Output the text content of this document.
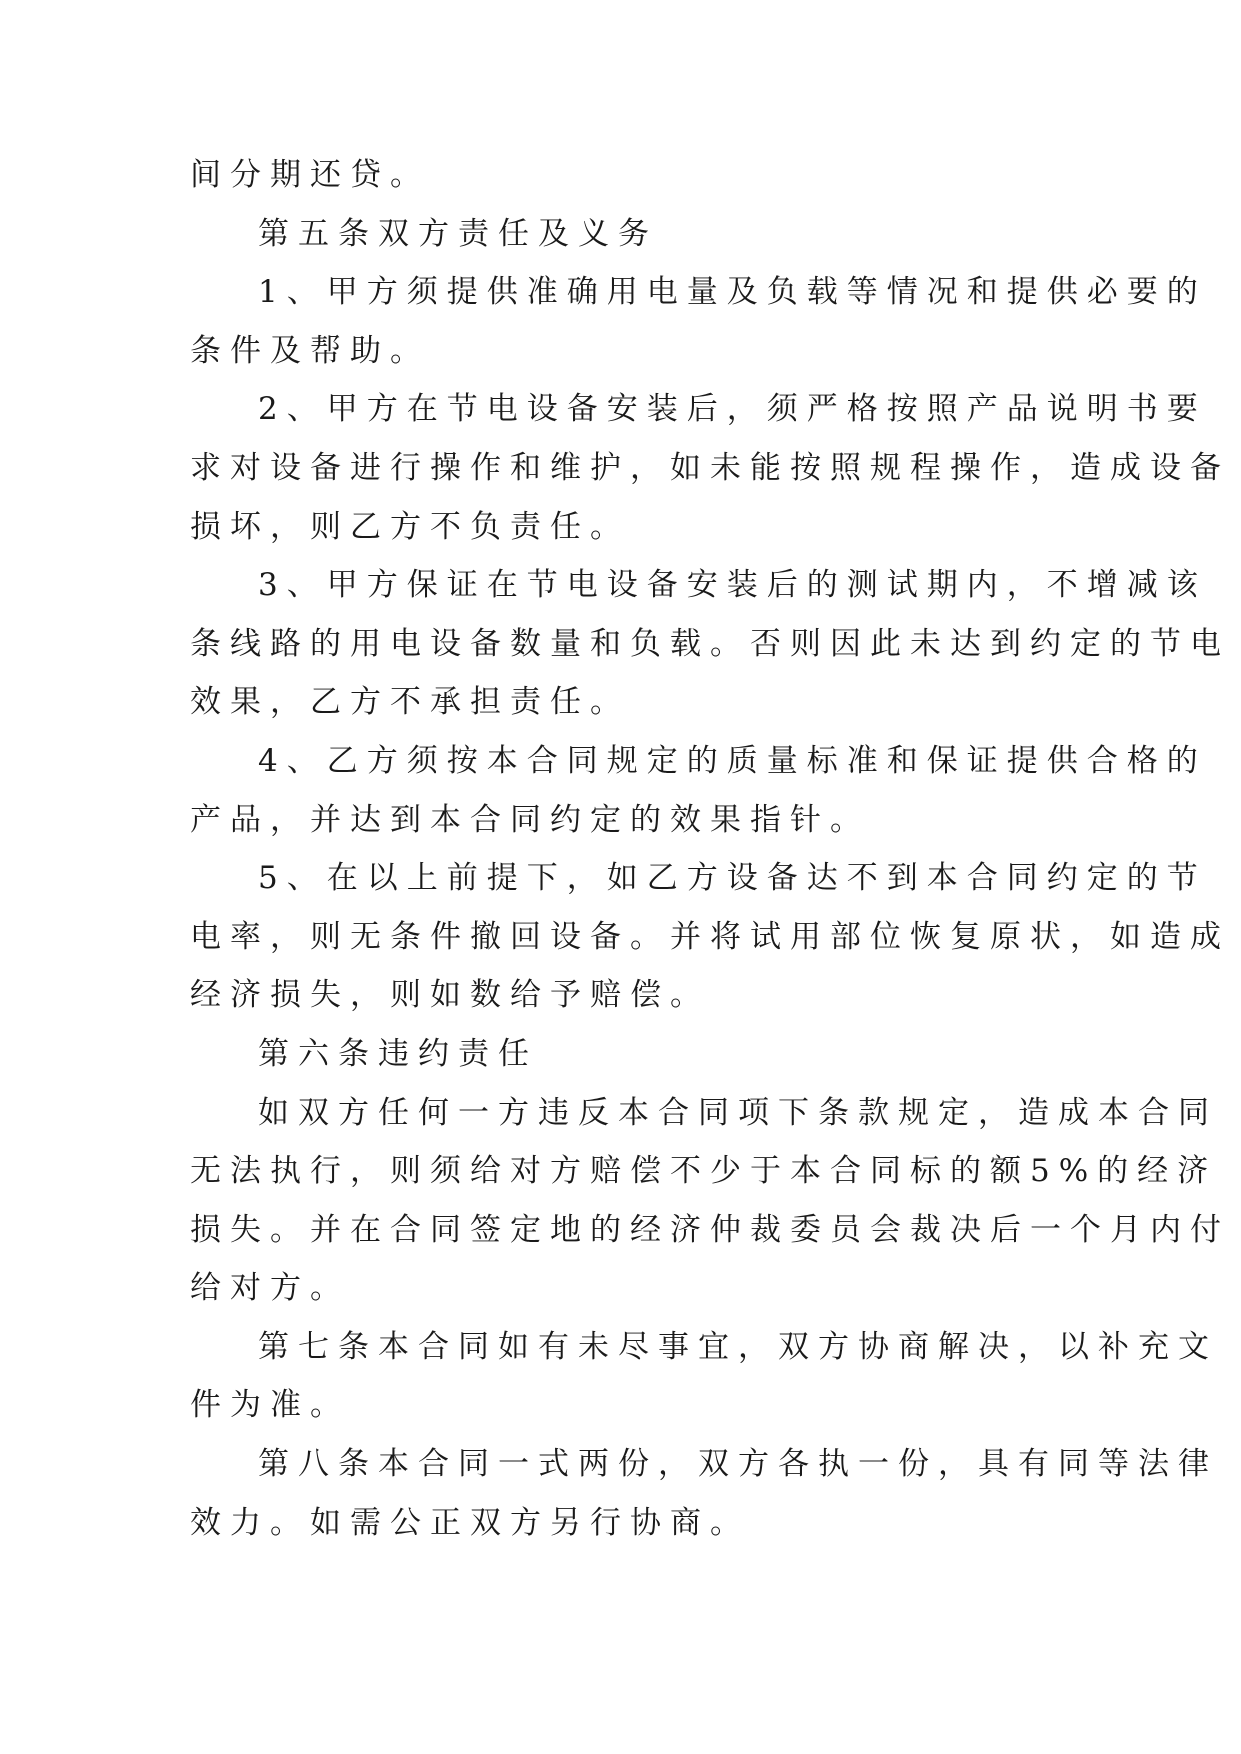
间分期还贷。
第五条双方责任及义务
1、甲方须提供准确用电量及负载等情况和提供必要的
条件及帮助。
2、甲方在节电设备安装后，须严格按照产品说明书要
求对设备进行操作和维护，如未能按照规程操作，造成设备
损坏，则乙方不负责任。
3、甲方保证在节电设备安装后的测试期内，不增减该
条线路的用电设备数量和负载。否则因此未达到约定的节电
效果，乙方不承担责任。
4、乙方须按本合同规定的质量标准和保证提供合格的
产品，并达到本合同约定的效果指针。
5、在以上前提下，如乙方设备达不到本合同约定的节
电率，则无条件撤回设备。并将试用部位恢复原状，如造成
经济损失，则如数给予赔偿。
第六条违约责任
如双方任何一方违反本合同项下条款规定，造成本合同
无法执行，则须给对方赔偿不少于本合同标的额5%的经济
损失。并在合同签定地的经济仲裁委员会裁决后一个月内付
给对方。
第七条本合同如有未尽事宜，双方协商解决，以补充文
件为准。
第八条本合同一式两份，双方各执一份，具有同等法律
效力。如需公正双方另行协商。
